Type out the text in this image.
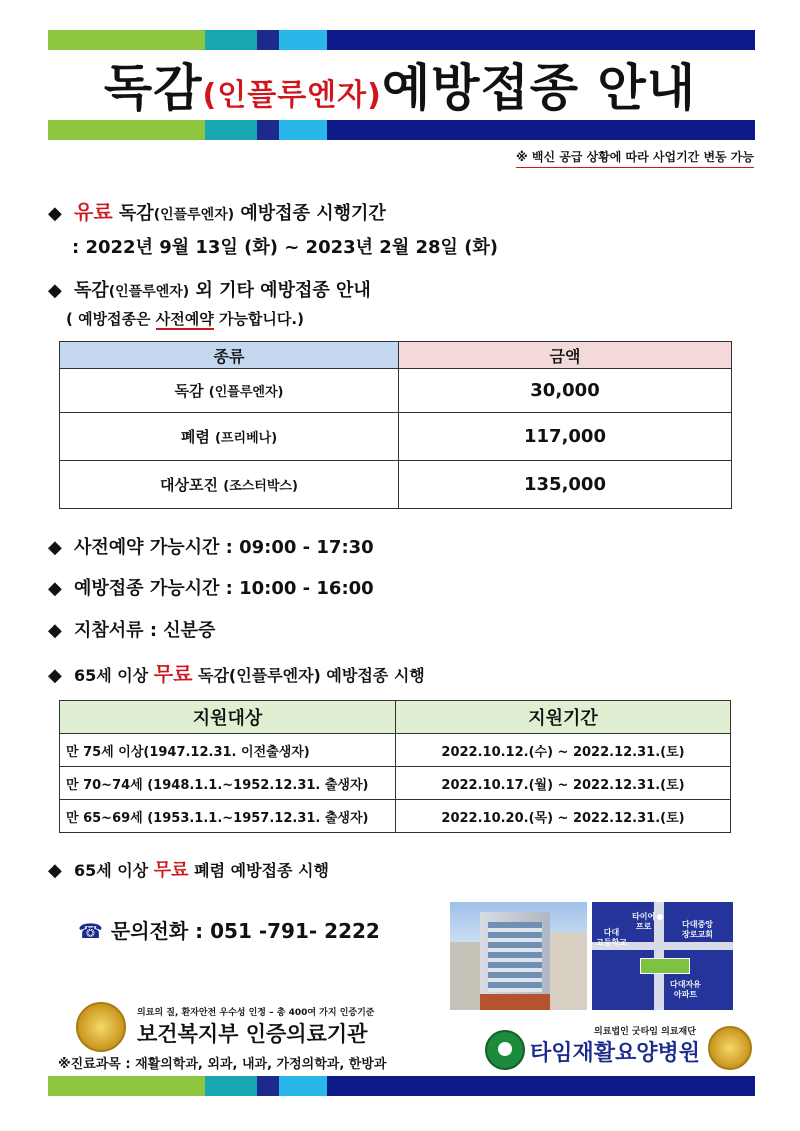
독감(인플루엔자)예방접종 안내
※ 백신 공급 상황에 따라 사업기간 변동 가능
◆ 유료 독감(인플루엔자) 예방접종 시행기간
: 2022년 9월 13일 (화) ~ 2023년 2월 28일 (화)
◆ 독감(인플루엔자) 외 기타 예방접종 안내
( 예방접종은 사전예약 가능합니다.)
종류	금액
독감 (인플루엔자)	30,000
폐렴 (프리베나)	117,000
대상포진 (조스터박스)	135,000
◆ 사전예약 가능시간 : 09:00 - 17:30
◆ 예방접종 가능시간 : 10:00 - 16:00
◆ 지참서류 : 신분증
◆ 65세 이상 무료 독감(인플루엔자) 예방접종 시행
지원대상	지원기간
만 75세 이상(1947.12.31. 이전출생자)	2022.10.12.(수) ~ 2022.12.31.(토)
만 70~74세 (1948.1.1.~1952.12.31. 출생자)	2022.10.17.(월) ~ 2022.12.31.(토)
만 65~69세 (1953.1.1.~1957.12.31. 출생자)	2022.10.20.(목) ~ 2022.12.31.(토)
◆ 65세 이상 무료 폐렴 예방접종 시행
☎ 문의전화 : 051 -791- 2222
타이어
프로	다대중앙
장로교회
다대
고등학교
다대자유
아파트
의료의 질, 환자안전 우수성 인정 – 총 400여 가지 인증기준
보건복지부 인증의료기관
※진료과목 : 재활의학과, 외과, 내과, 가정의학과, 한방과
의료법인 굿타임 의료재단
타임재활요양병원
